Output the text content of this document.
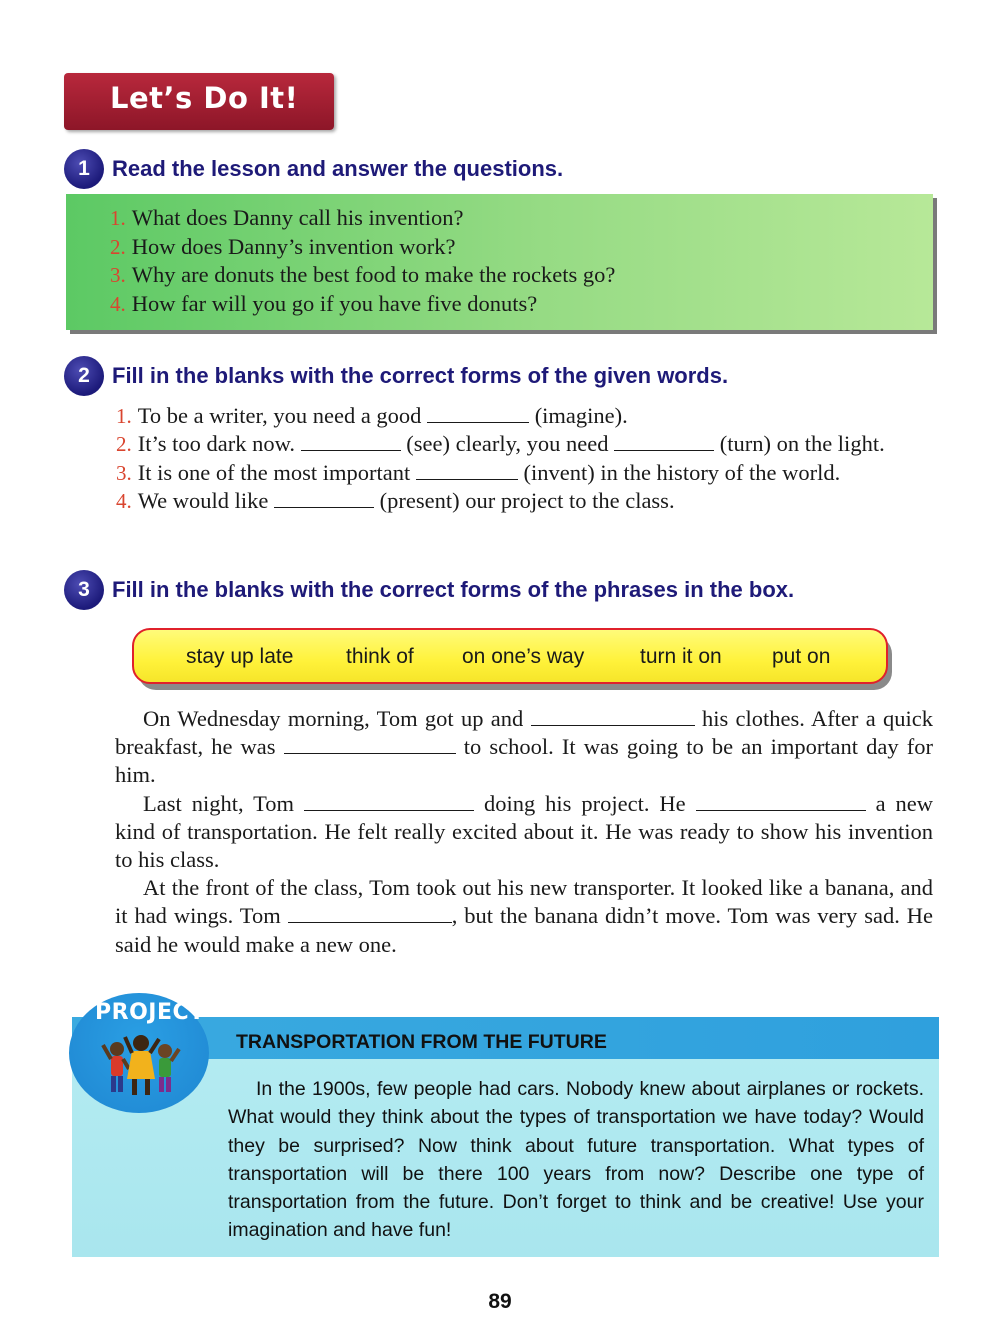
Let’s Do It!
1	Read the lesson and answer the questions.
1. What does Danny call his invention?
2. How does Danny’s invention work?
3. Why are donuts the best food to make the rockets go?
4. How far will you go if you have five donuts?
2	Fill in the blanks with the correct forms of the given words.
1. To be a writer, you need a good	(imagine).
2. It’s too dark now.	(see) clearly, you need	(turn) on the light.
3. It is one of the most important	(invent) in the history of the world.
4. We would like	(present) our project to the class.
3	Fill in the blanks with the correct forms of the phrases in the box.
stay up late	think of on one’s way	turn it on put on

On Wednesday morning, Tom got up and	his clothes. After a quick breakfast, he was	to school. It was going to be an important day for him.

Last night, Tom	doing his project. He	a new kind of transportation. He felt really excited about it. He was ready to show his invention to his class.

At the front of the class, Tom took out his new transporter. It looked like a banana, and it had wings. Tom	, but the banana didn’t move. Tom was very sad. He said he would make a new one.

PROJECT
TRANSPORTATION FROM THE FUTURE

In the 1900s, few people had cars. Nobody knew about airplanes or rockets. What would they think about the types of transportation we have today? Would they be surprised? Now think about future transportation. What types of transportation will be there 100 years from now? Describe one type of transportation from the future. Don’t forget to think and be creative! Use your imagination and have fun!

89
